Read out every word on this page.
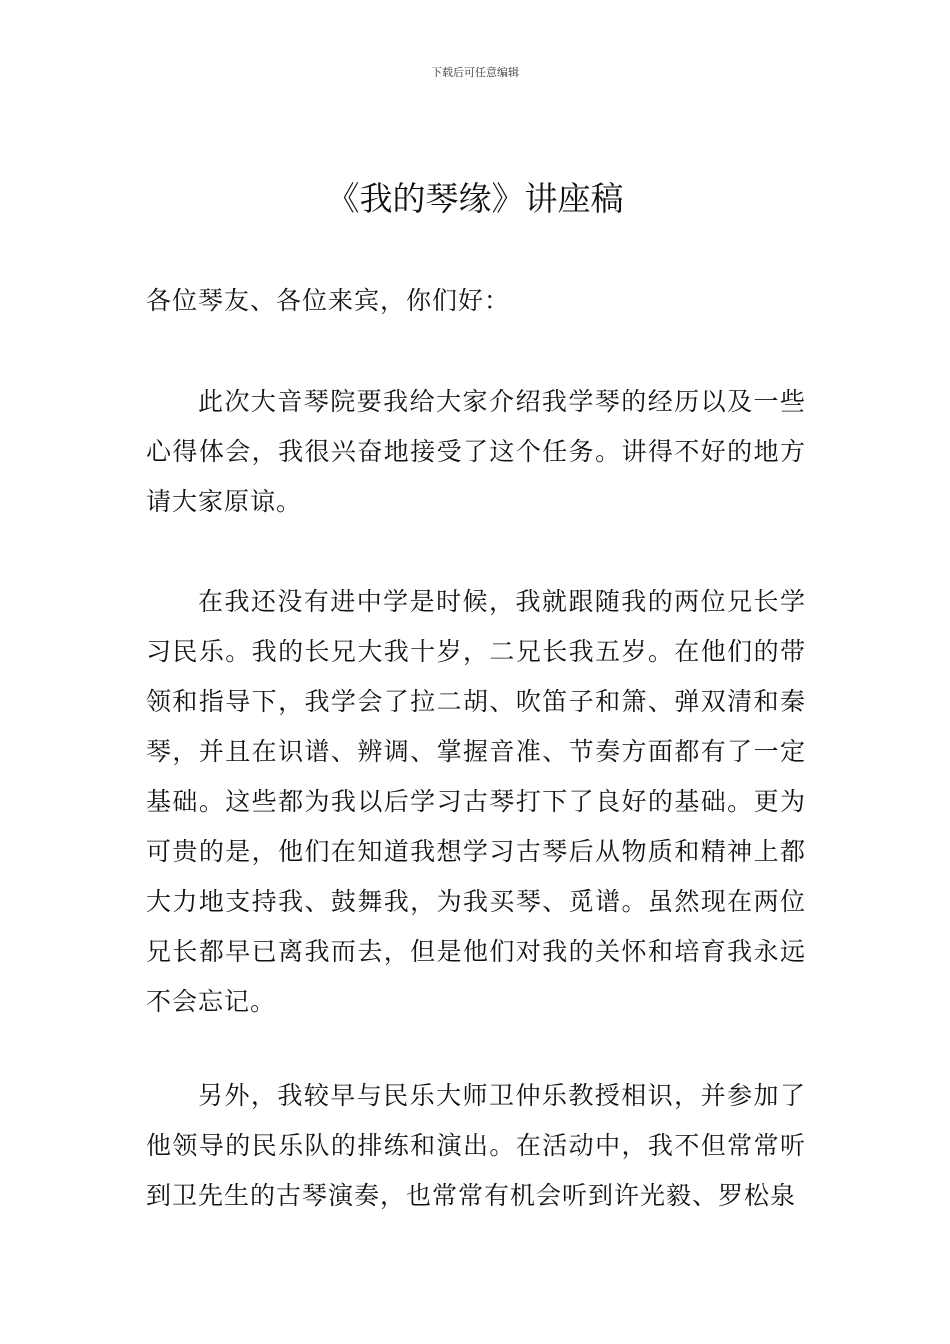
下载后可任意编辑
《我的琴缘》讲座稿

各位琴友、各位来宾，你们好：

此次大音琴院要我给大家介绍我学琴的经历以及一些心得体会，我很兴奋地接受了这个任务。讲得不好的地方请大家原谅。

在我还没有进中学是时候，我就跟随我的两位兄长学习民乐。我的长兄大我十岁，二兄长我五岁。在他们的带领和指导下，我学会了拉二胡、吹笛子和箫、弹双清和秦琴，并且在识谱、辨调、掌握音准、节奏方面都有了一定基础。这些都为我以后学习古琴打下了良好的基础。更为可贵的是，他们在知道我想学习古琴后从物质和精神上都大力地支持我、鼓舞我，为我买琴、觅谱。虽然现在两位兄长都早已离我而去，但是他们对我的关怀和培育我永远不会忘记。

另外，我较早与民乐大师卫仲乐教授相识，并参加了他领导的民乐队的排练和演出。在活动中，我不但常常听到卫先生的古琴演奏，也常常有机会听到许光毅、罗松泉
